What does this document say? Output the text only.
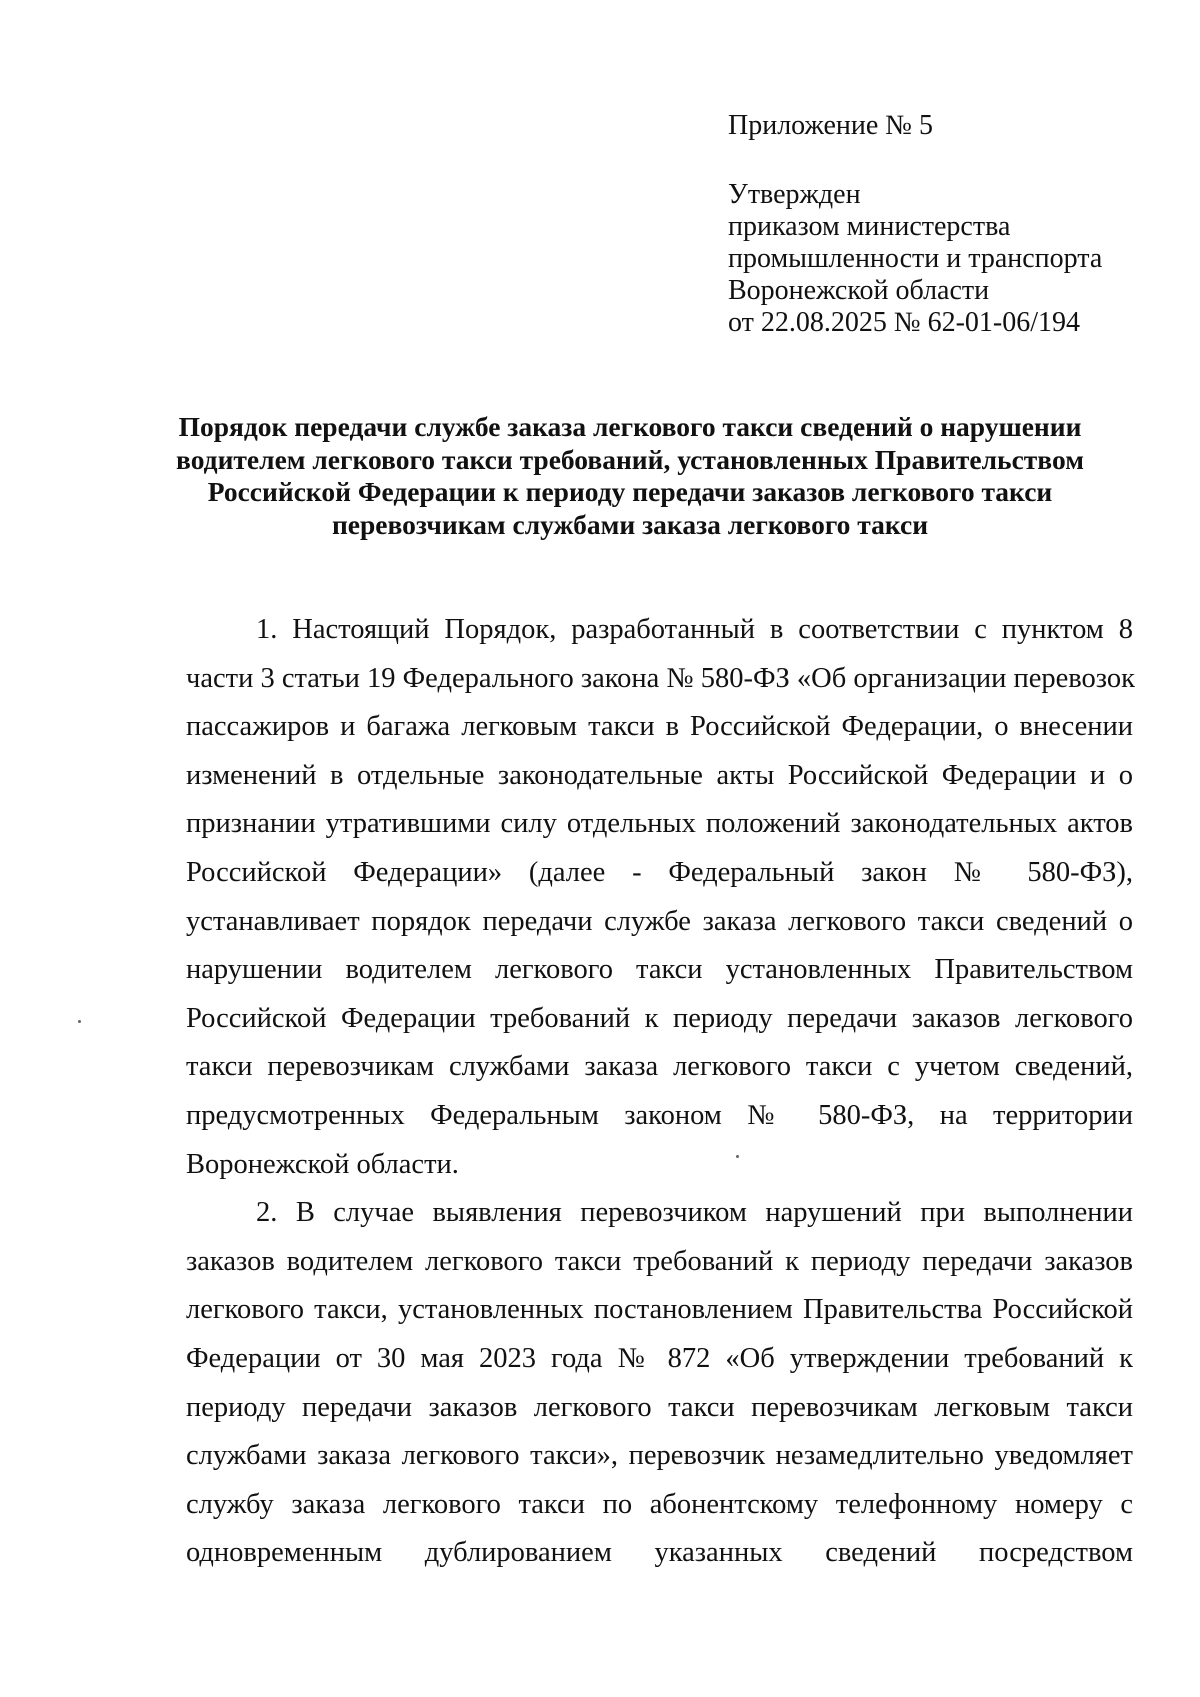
Приложение № 5
Утвержден
приказом министерства
промышленности и транспорта
Воронежской области
от 22.08.2025 № 62-01-06/194
Порядок передачи службе заказа легкового такси сведений о нарушении
водителем легкового такси требований, установленных Правительством
Российской Федерации к периоду передачи заказов легкового такси
перевозчикам службами заказа легкового такси

1. Настоящий Порядок, разработанный в соответствии с пунктом 8
части 3 статьи 19 Федерального закона № 580-ФЗ «Об организации перевозок
пассажиров и багажа легковым такси в Российской Федерации, о внесении
изменений в отдельные законодательные акты Российской Федерации и о
признании утратившими силу отдельных положений законодательных актов
Российской Федерации» (далее - Федеральный закон № 580-ФЗ),
устанавливает порядок передачи службе заказа легкового такси сведений о
нарушении водителем легкового такси установленных Правительством
Российской Федерации требований к периоду передачи заказов легкового
такси перевозчикам службами заказа легкового такси с учетом сведений,
предусмотренных Федеральным законом № 580-ФЗ, на территории
Воронежской области.

2. В случае выявления перевозчиком нарушений при выполнении
заказов водителем легкового такси требований к периоду передачи заказов
легкового такси, установленных постановлением Правительства Российской
Федерации от 30 мая 2023 года № 872 «Об утверждении требований к
периоду передачи заказов легкового такси перевозчикам легковым такси
службами заказа легкового такси», перевозчик незамедлительно уведомляет
службу заказа легкового такси по абонентскому телефонному номеру с
одновременным дублированием указанных сведений посредством
